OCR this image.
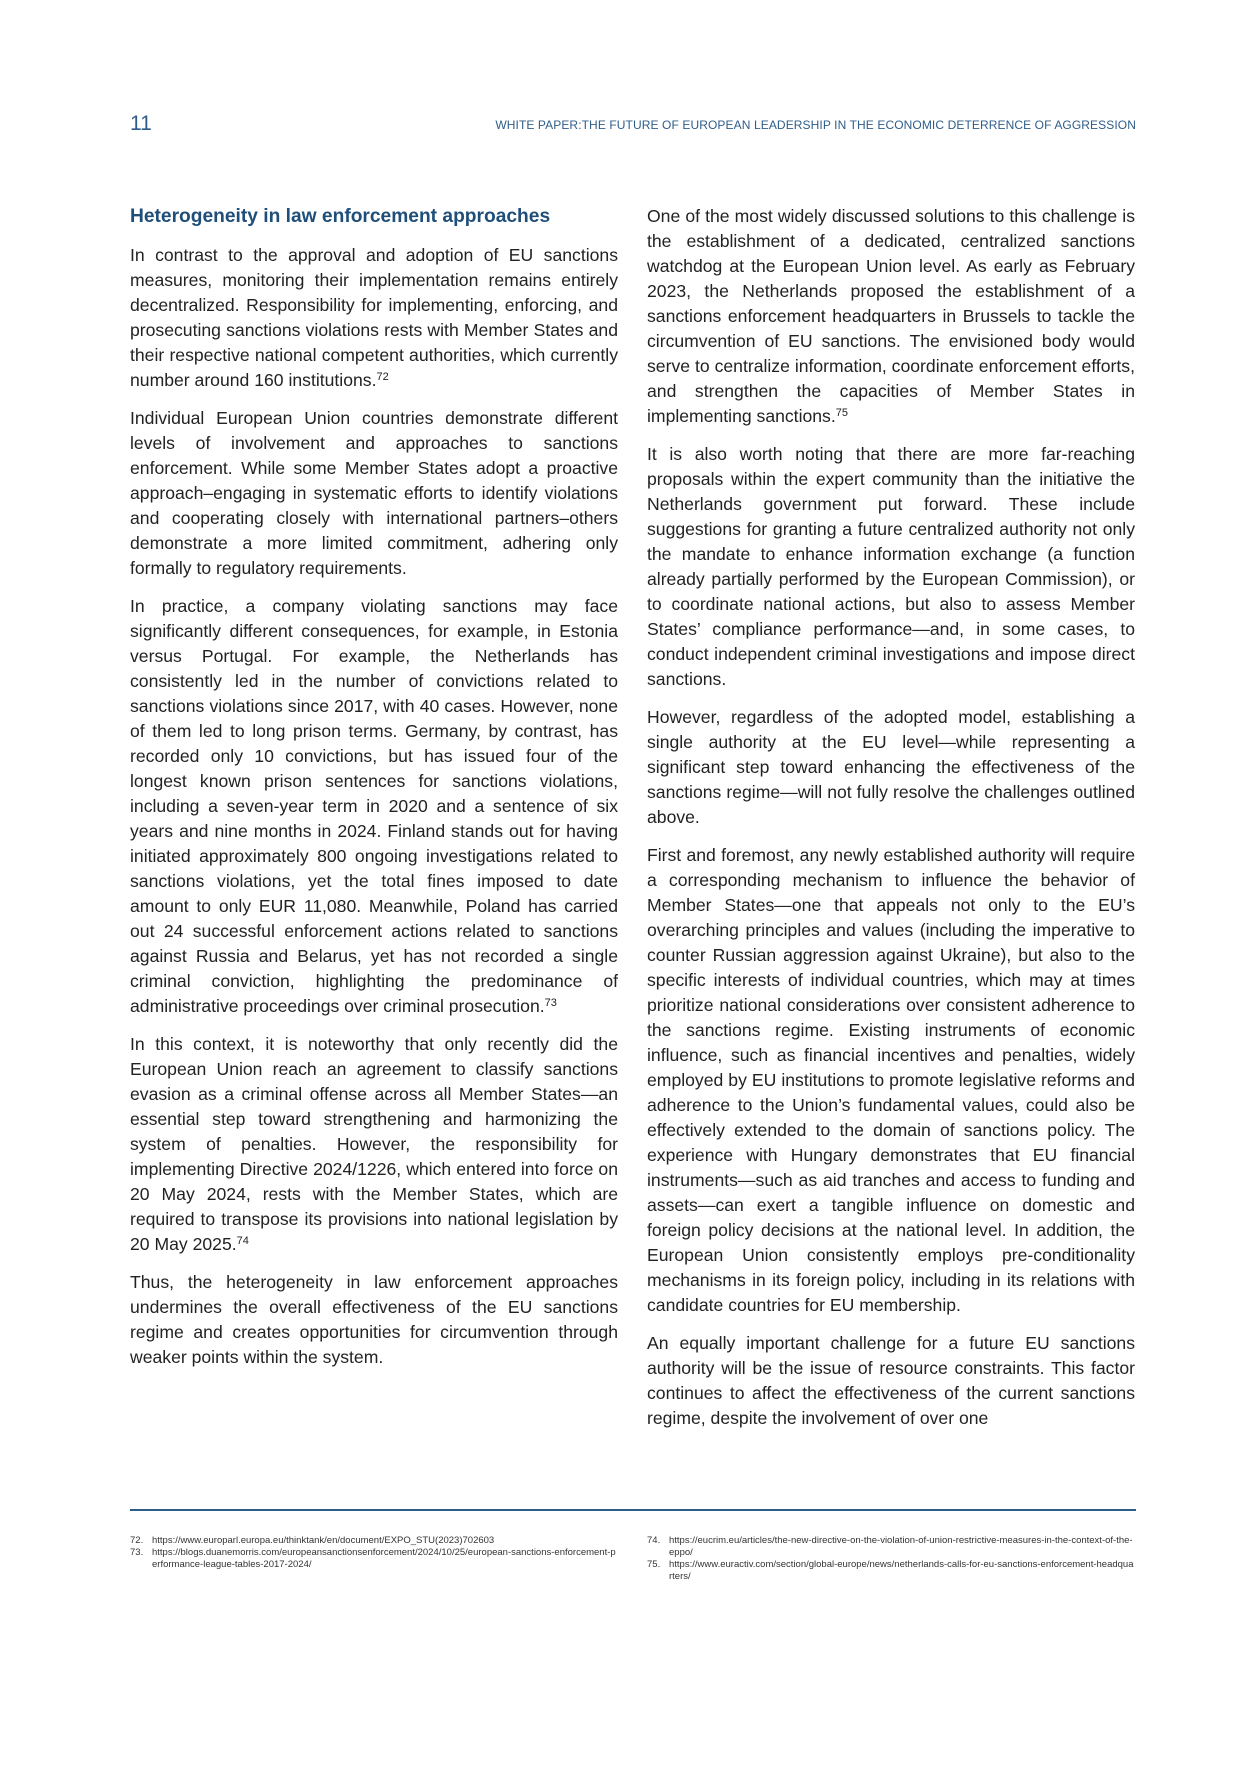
11	WHITE PAPER:THE FUTURE OF EUROPEAN LEADERSHIP IN THE ECONOMIC DETERRENCE OF AGGRESSION
Heterogeneity in law enforcement approaches

In contrast to the approval and adoption of EU sanctions measures, monitoring their implementation remains entirely decentralized. Responsibility for implementing, enforcing, and prosecuting sanctions violations rests with Member States and their respective national competent authorities, which currently number around 160 institutions.$^{72}$

Individual European Union countries demonstrate different levels of involvement and approaches to sanctions enforcement. While some Member States adopt a proactive approach–engaging in systematic efforts to identify violations and cooperating closely with international partners–others demonstrate a more limited commitment, adhering only formally to regulatory requirements.

In practice, a company violating sanctions may face significantly different consequences, for example, in Estonia versus Portugal. For example, the Netherlands has consistently led in the number of convictions related to sanctions violations since 2017, with 40 cases. However, none of them led to long prison terms. Germany, by contrast, has recorded only 10 convictions, but has issued four of the longest known prison sentences for sanctions violations, including a seven-year term in 2020 and a sentence of six years and nine months in 2024. Finland stands out for having initiated approximately 800 ongoing investigations related to sanctions violations, yet the total fines imposed to date amount to only EUR 11,080. Meanwhile, Poland has carried out 24 successful enforcement actions related to sanctions against Russia and Belarus, yet has not recorded a single criminal conviction, highlighting the predominance of administrative proceedings over criminal prosecution.$^{73}$

In this context, it is noteworthy that only recently did the European Union reach an agreement to classify sanctions evasion as a criminal offense across all Member States—an essential step toward strengthening and harmonizing the system of penalties. However, the responsibility for implementing Directive 2024/1226, which entered into force on 20 May 2024, rests with the Member States, which are required to transpose its provisions into national legislation by 20 May 2025.74

Thus, the heterogeneity in law enforcement approaches undermines the overall effectiveness of the EU sanctions regime and creates opportunities for circumvention through weaker points within the system.

One of the most widely discussed solutions to this challenge is the establishment of a dedicated, centralized sanctions watchdog at the European Union level. As early as February 2023, the Netherlands proposed the establishment of a sanctions enforcement headquarters in Brussels to tackle the circumvention of EU sanctions. The envisioned body would serve to centralize information, coordinate enforcement efforts, and strengthen the capacities of Member States in implementing sanctions.$^{75}$

It is also worth noting that there are more far-reaching proposals within the expert community than the initiative the Netherlands government put forward. These include suggestions for granting a future centralized authority not only the mandate to enhance information exchange (a function already partially performed by the European Commission), or to coordinate national actions, but also to assess Member States’ compliance performance—and, in some cases, to conduct independent criminal investigations and impose direct sanctions.

However, regardless of the adopted model, establishing a single authority at the EU level—while representing a significant step toward enhancing the effectiveness of the sanctions regime—will not fully resolve the challenges outlined above.

First and foremost, any newly established authority will require a corresponding mechanism to influence the behavior of Member States—one that appeals not only to the EU’s overarching principles and values (including the imperative to counter Russian aggression against Ukraine), but also to the specific interests of individual countries, which may at times prioritize national considerations over consistent adherence to the sanctions regime. Existing instruments of economic influence, such as financial incentives and penalties, widely employed by EU institutions to promote legislative reforms and adherence to the Union’s fundamental values, could also be effectively extended to the domain of sanctions policy. The experience with Hungary demonstrates that EU financial instruments—such as aid tranches and access to funding and assets—can exert a tangible influence on domestic and foreign policy decisions at the national level. In addition, the European Union consistently employs pre-conditionality mechanisms in its foreign policy, including in its relations with candidate countries for EU membership.

An equally important challenge for a future EU sanctions authority will be the issue of resource constraints. This factor continues to affect the effectiveness of the current sanctions regime, despite the involvement of over one

72. https://www.europarl.europa.eu/thinktank/en/document/EXPO_STU(2023)702603
73. https://blogs.duanemorris.com/europeansanctionsenforcement/2024/10/25/european-sanctions-enforcement-performance-league-tables-2017-2024/
74. https://eucrim.eu/articles/the-new-directive-on-the-violation-of-union-restrictive-measures-in-the-context-of-the-eppo/
75. https://www.euractiv.com/section/global-europe/news/netherlands-calls-for-eu-sanctions-enforcement-headquarters/
